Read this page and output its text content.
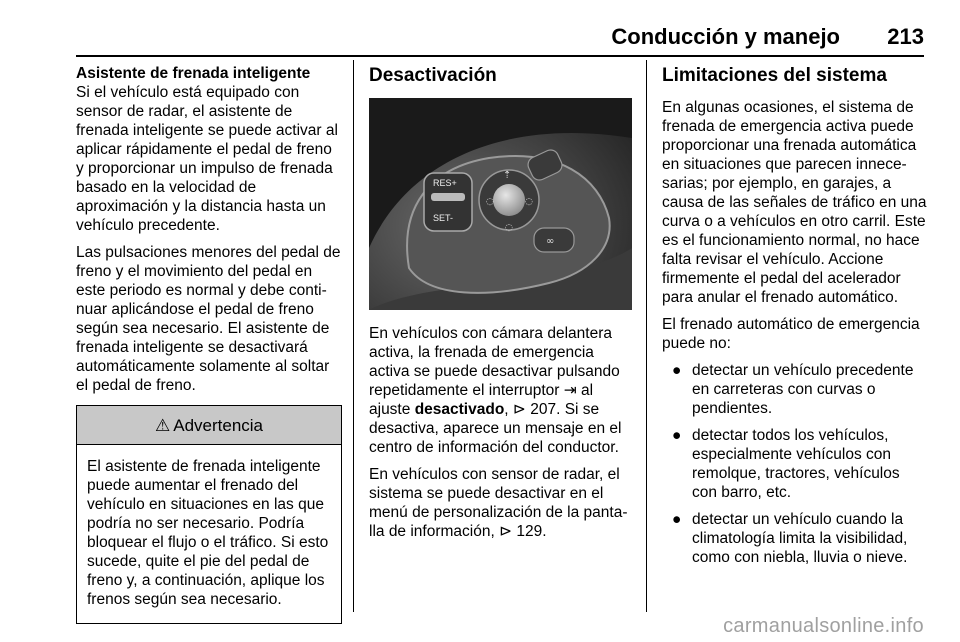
Conducción y manejo 213
Asistente de frenada inteligente

Si el vehículo está equipado con sensor de radar, el asistente de frenada inteligente se puede activar al aplicar rápidamente el pedal de freno y proporcionar un impulso de frenada basado en la velocidad de aproximación y la distancia hasta un vehículo precedente.

Las pulsaciones menores del pedal de freno y el movimiento del pedal en este periodo es normal y debe conti-nuar aplicándose el pedal de freno según sea necesario. El asistente de frenada inteligente se desactivará automáticamente solamente al soltar el pedal de freno.

⚠ Advertencia
El asistente de frenada inteligente puede aumentar el frenado del vehículo en situaciones en las que podría no ser necesario. Podría bloquear el flujo o el tráfico. Si esto sucede, quite el pie del pedal de freno y, a continuación, aplique los frenos según sea necesario.
Desactivación
RES+
SET-
⇡
◌	◌
◌
∞

En vehículos con cámara delantera activa, la frenada de emergencia activa se puede desactivar pulsando repetidamente el interruptor ⇥ al ajuste desactivado, ⊳ 207. Si se desactiva, aparece un mensaje en el centro de información del conductor.

En vehículos con sensor de radar, el sistema se puede desactivar en el menú de personalización de la panta-lla de información, ⊳ 129.

Limitaciones del sistema

En algunas ocasiones, el sistema de frenada de emergencia activa puede proporcionar una frenada automática en situaciones que parecen innece-sarias; por ejemplo, en garajes, a causa de las señales de tráfico en una curva o a vehículos en otro carril. Este es el funcionamiento normal, no hace falta revisar el vehículo. Accione firmemente el pedal del acelerador para anular el frenado automático.

El frenado automático de emergencia puede no:

● detectar un vehículo precedente en carreteras con curvas o pendientes.
● detectar todos los vehículos, especialmente vehículos con remolque, tractores, vehículos con barro, etc.
● detectar un vehículo cuando la climatología limita la visibilidad, como con niebla, lluvia o nieve.
carmanualsonline.info
